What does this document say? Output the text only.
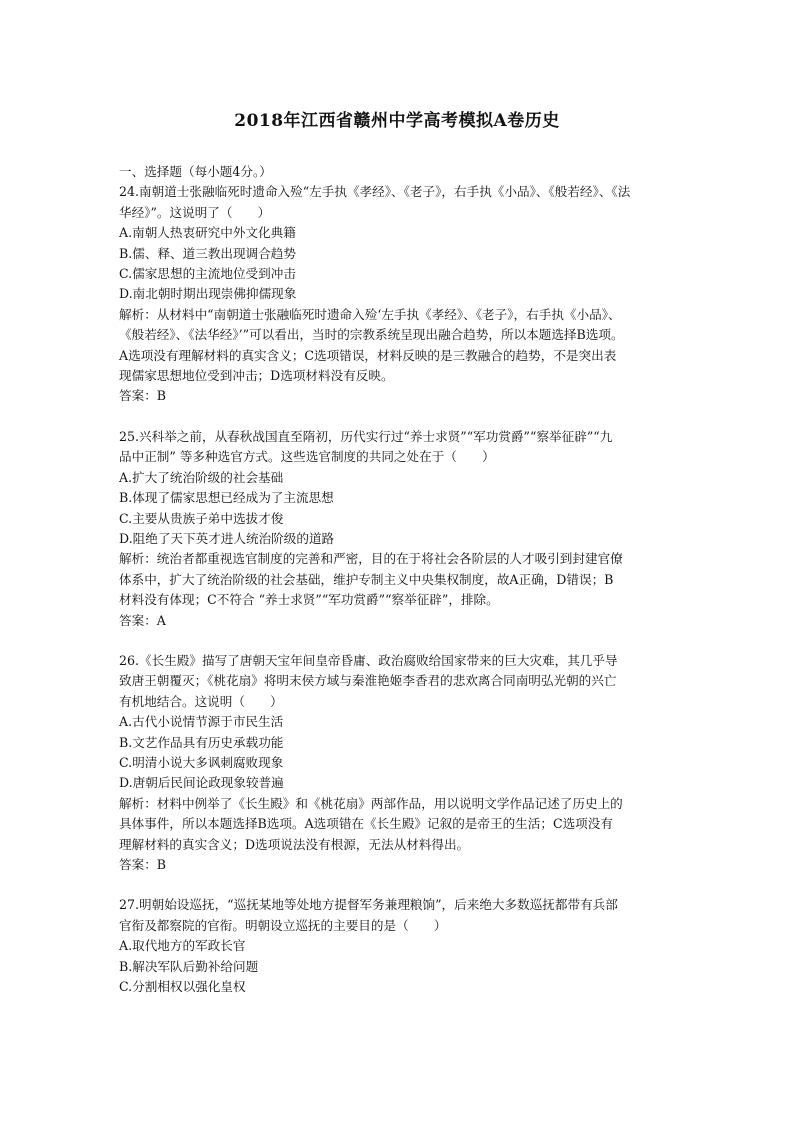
2018年江西省赣州中学高考模拟A卷历史

一、选择题（每小题4分。）

24.南朝道士张融临死时遗命入殓“左手执《孝经》、《老子》，右手执《小品》、《般若经》、《法

华经》”。这说明了（　　）

A.南朝人热衷研究中外文化典籍

B.儒、释、道三教出现调合趋势

C.儒家思想的主流地位受到冲击

D.南北朝时期出现崇佛抑儒现象

解析：从材料中“南朝道士张融临死时遗命入殓‘左手执《孝经》、《老子》，右手执《小品》、

《般若经》、《法华经》’”可以看出，当时的宗教系统呈现出融合趋势，所以本题选择B选项。

A选项没有理解材料的真实含义；C选项错误，材料反映的是三教融合的趋势，不是突出表

现儒家思想地位受到冲击；D选项材料没有反映。

答案：B

25.兴科举之前，从春秋战国直至隋初，历代实行过“养士求贤”“军功赏爵”“察举征辟”“九

品中正制” 等多种选官方式。这些选官制度的共同之处在于（　　）

A.扩大了统治阶级的社会基础

B.体现了儒家思想已经成为了主流思想

C.主要从贵族子弟中选拔才俊

D.阻绝了天下英才进人统治阶级的道路

解析：统治者都重视选官制度的完善和严密，目的在于将社会各阶层的人才吸引到封建官僚

体系中，扩大了统治阶级的社会基础，维护专制主义中央集权制度，故A正确，D错误；B

材料没有体现；C不符合 “养士求贤”“军功赏爵”“察举征辟”，排除。

答案：A

26.《长生殿》描写了唐朝天宝年间皇帝昏庸、政治腐败给国家带来的巨大灾难，其几乎导

致唐王朝覆灭；《桃花扇》将明末侯方域与秦淮艳姬李香君的悲欢离合同南明弘光朝的兴亡

有机地结合。这说明（　　）

A.古代小说情节源于市民生活

B.文艺作品具有历史承载功能

C.明清小说大多讽刺腐败现象

D.唐朝后民间论政现象较普遍

解析：材料中例举了《长生殿》和《桃花扇》两部作品，用以说明文学作品记述了历史上的

具体事件，所以本题选择B选项。A选项错在《长生殿》记叙的是帝王的生活；C选项没有

理解材料的真实含义；D选项说法没有根源，无法从材料得出。

答案：B

27.明朝始设巡抚，“巡抚某地等处地方提督军务兼理粮饷”，后来绝大多数巡抚都带有兵部

官衔及都察院的官衔。明朝设立巡抚的主要目的是（　　）

A.取代地方的军政长官

B.解决军队后勤补给问题

C.分割相权以强化皇权
